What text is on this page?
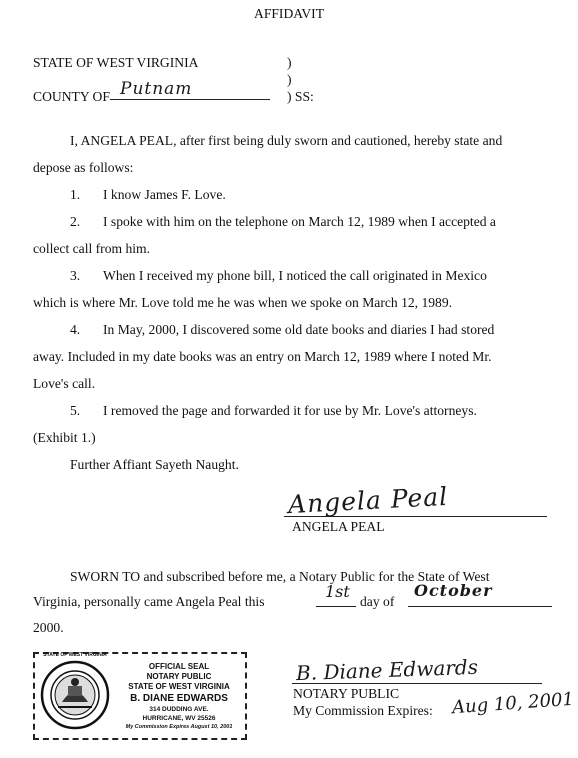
AFFIDAVIT
STATE OF WEST VIRGINIA	)
)
COUNTY OF Putnam	) SS:
I, ANGELA PEAL, after first being duly sworn and cautioned, hereby state and
depose as follows:
1. I know James F. Love.
2. I spoke with him on the telephone on March 12, 1989 when I accepted a
collect call from him.
3. When I received my phone bill, I noticed the call originated in Mexico
which is where Mr. Love told me he was when we spoke on March 12, 1989.
4. In May, 2000, I discovered some old date books and diaries I had stored
away. Included in my date books was an entry on March 12, 1989 where I noted Mr.
Love's call.
5. I removed the page and forwarded it for use by Mr. Love's attorneys.
(Exhibit 1.)
Further Affiant Sayeth Naught.
Angela Peal
ANGELA PEAL
SWORN TO and subscribed before me, a Notary Public for the State of West
Virginia, personally came Angela Peal this
1st
day of
October
2000.
STATE OF WEST VIRGINIA
OFFICIAL SEAL
NOTARY PUBLIC
STATE OF WEST VIRGINIA
B. DIANE EDWARDS
314 DUDDING AVE.
HURRICANE, WV 25526
My Commission Expires August 10, 2001
B. Diane Edwards
NOTARY PUBLIC
My Commission Expires: Aug 10, 2001
